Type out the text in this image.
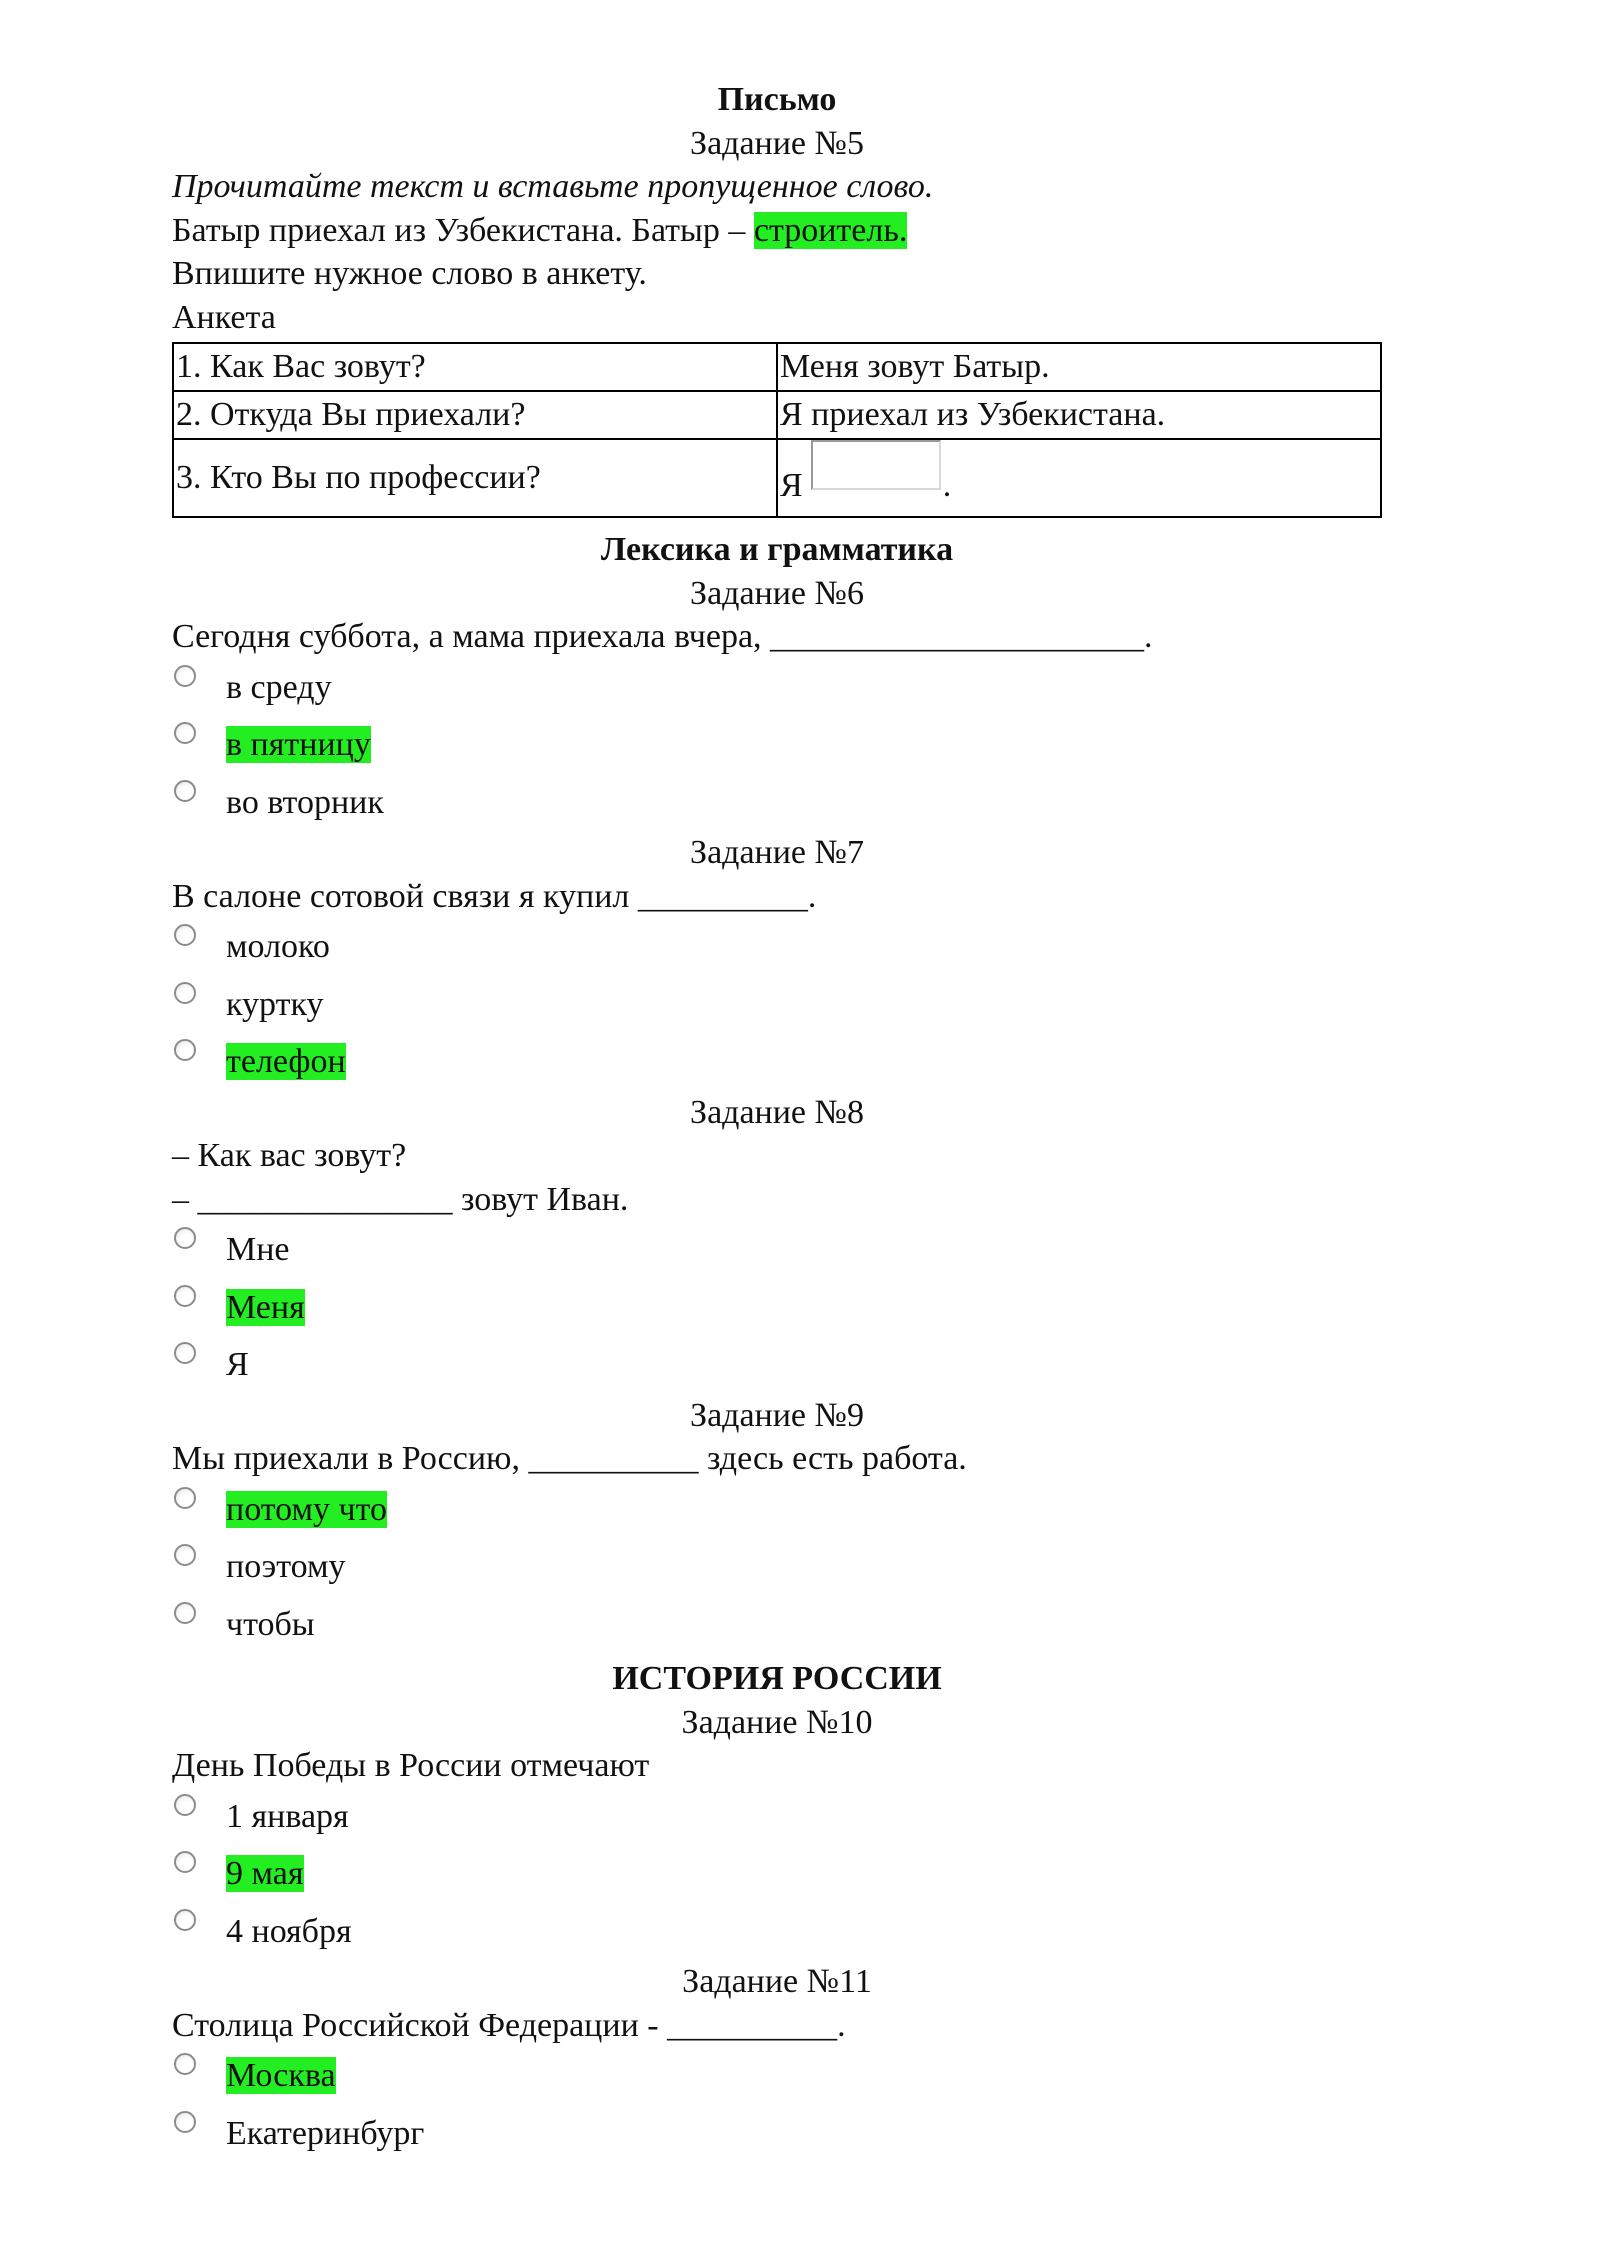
Письмо
Задание №5
Прочитайте текст и вставьте пропущенное слово.
Батыр приехал из Узбекистана. Батыр – строитель.
Впишите нужное слово в анкету.
Анкета
1. Как Вас зовут?	Меня зовут Батыр.
2. Откуда Вы приехали?	Я приехал из Узбекистана.
3. Кто Вы по профессии?	Я .
Лексика и грамматика
Задание №6
Сегодня суббота, а мама приехала вчера, ______________________.
в среду
в пятницу
во вторник
Задание №7
В салоне сотовой связи я купил __________.
молоко
куртку
телефон
Задание №8
– Как вас зовут?
– _______________ зовут Иван.
Мне
Меня
Я
Задание №9
Мы приехали в Россию, __________ здесь есть работа.
потому что
поэтому
чтобы
ИСТОРИЯ РОССИИ
Задание №10
День Победы в России отмечают
1 января
9 мая
4 ноября
Задание №11
Столица Российской Федерации - __________.
Москва
Екатеринбург
